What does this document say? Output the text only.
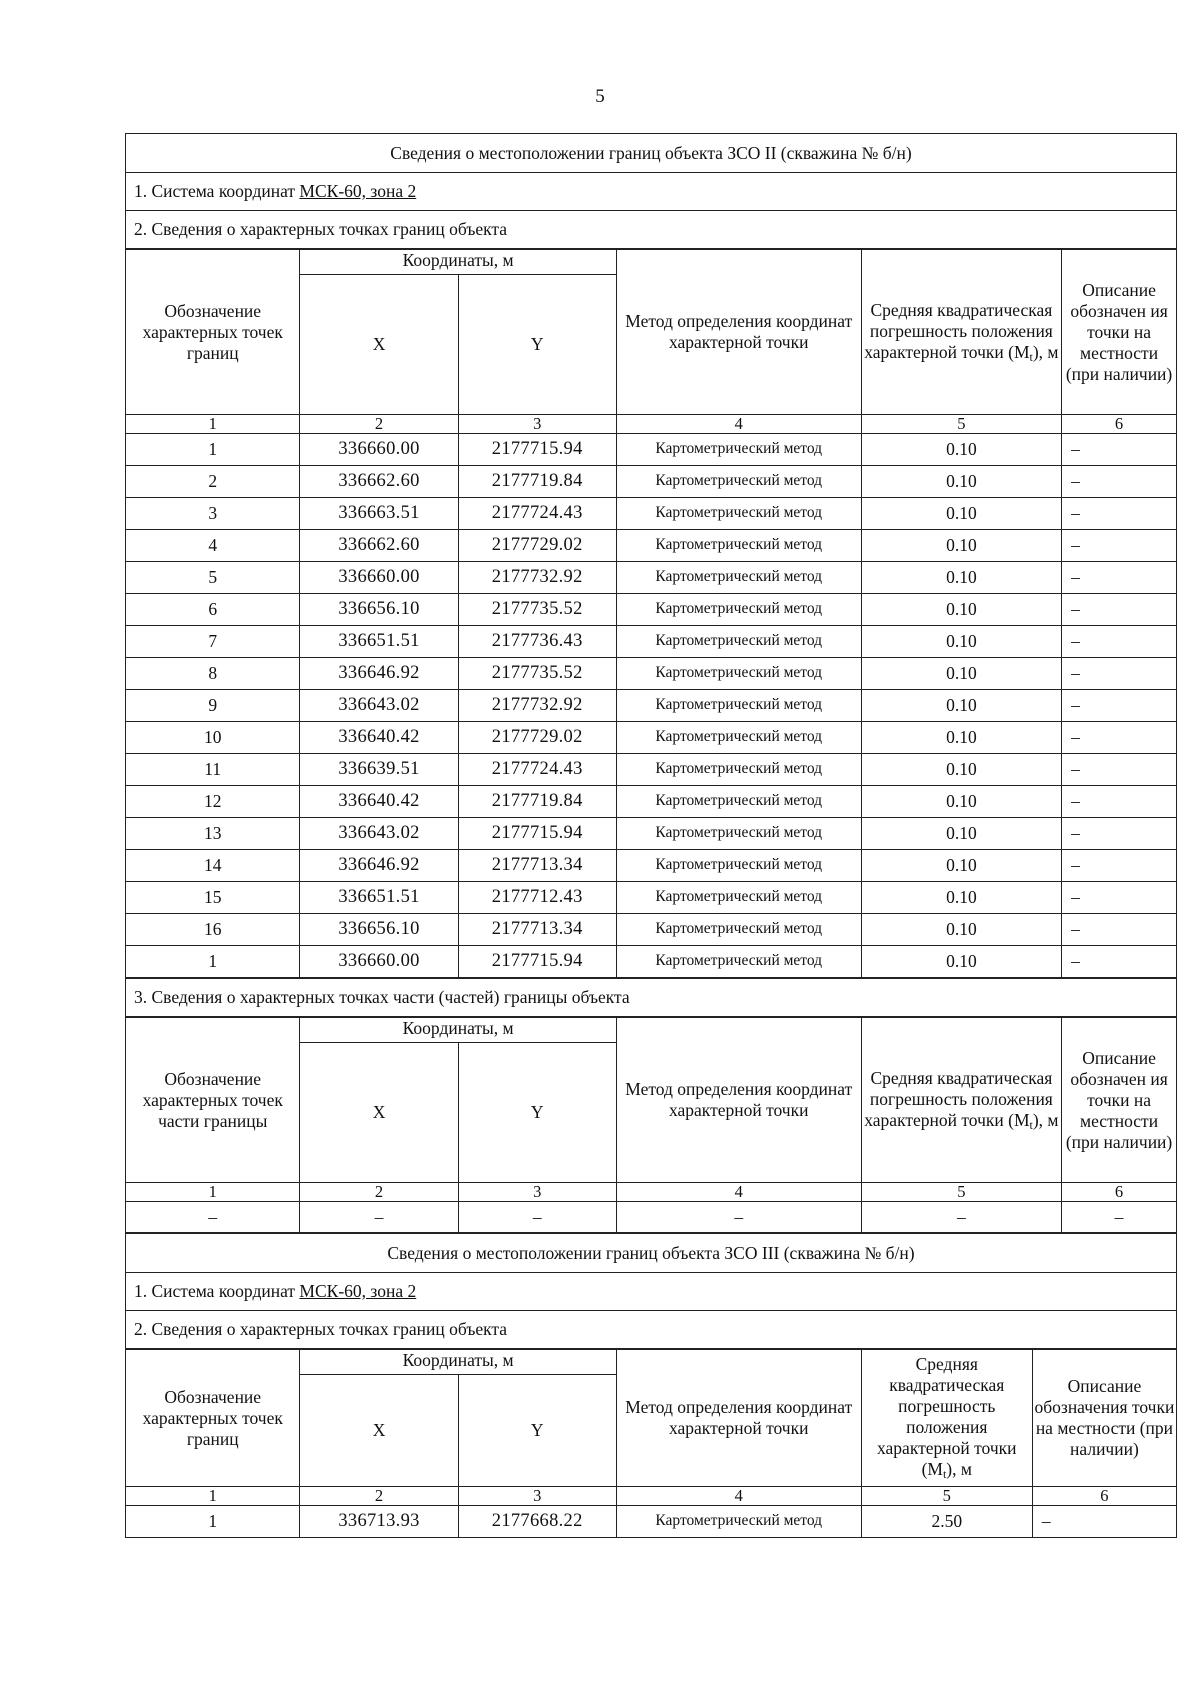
5
Сведения о местоположении границ объекта ЗСО II (скважина № б/н)
1. Система координат МСК-60, зона 2
2. Сведения о характерных точках границ объекта
Обозначение характерных точек границ	Координаты, м		Метод определения координат характерной точки	Средняя квадратическая погрешность положения характерной точки $(M_t)$, м	Описание обозначен ия точки на местности (при наличии)
	X	Y			
1	2	3	4	5	6
1	336660.00	2177715.94	Картометрический метод	0.10	–
2	336662.60	2177719.84	Картометрический метод	0.10	–
3	336663.51	2177724.43	Картометрический метод	0.10	–
4	336662.60	2177729.02	Картометрический метод	0.10	–
5	336660.00	2177732.92	Картометрический метод	0.10	–
6	336656.10	2177735.52	Картометрический метод	0.10	–
7	336651.51	2177736.43	Картометрический метод	0.10	–
8	336646.92	2177735.52	Картометрический метод	0.10	–
9	336643.02	2177732.92	Картометрический метод	0.10	–
10	336640.42	2177729.02	Картометрический метод	0.10	–
11	336639.51	2177724.43	Картометрический метод	0.10	–
12	336640.42	2177719.84	Картометрический метод	0.10	–
13	336643.02	2177715.94	Картометрический метод	0.10	–
14	336646.92	2177713.34	Картометрический метод	0.10	–
15	336651.51	2177712.43	Картометрический метод	0.10	–
16	336656.10	2177713.34	Картометрический метод	0.10	–
1	336660.00	2177715.94	Картометрический метод	0.10	–
3. Сведения о характерных точках части (частей) границы объекта
Обозначение характерных точек части границы	Координаты, м		Метод определения координат характерной точки	Средняя квадратическая погрешность положения характерной точки $(M_t)$, м	Описание обозначен ия точки на местности (при наличии)
	X	Y			
1	2	3	4	5	6
–	–	–	–	–	–
Сведения о местоположении границ объекта ЗСО III (скважина № б/н)
1. Система координат МСК-60, зона 2
2. Сведения о характерных точках границ объекта
Обозначение характерных точек границ	Координаты, м		Метод определения координат характерной точки	Средняя квадратическая погрешность положения характерной точки $(M_t)$, м	Описание обозначения точки на местности (при наличии)
	X	Y			
1	2	3	4	5	6
1	336713.93	2177668.22	Картометрический метод	2.50	–
